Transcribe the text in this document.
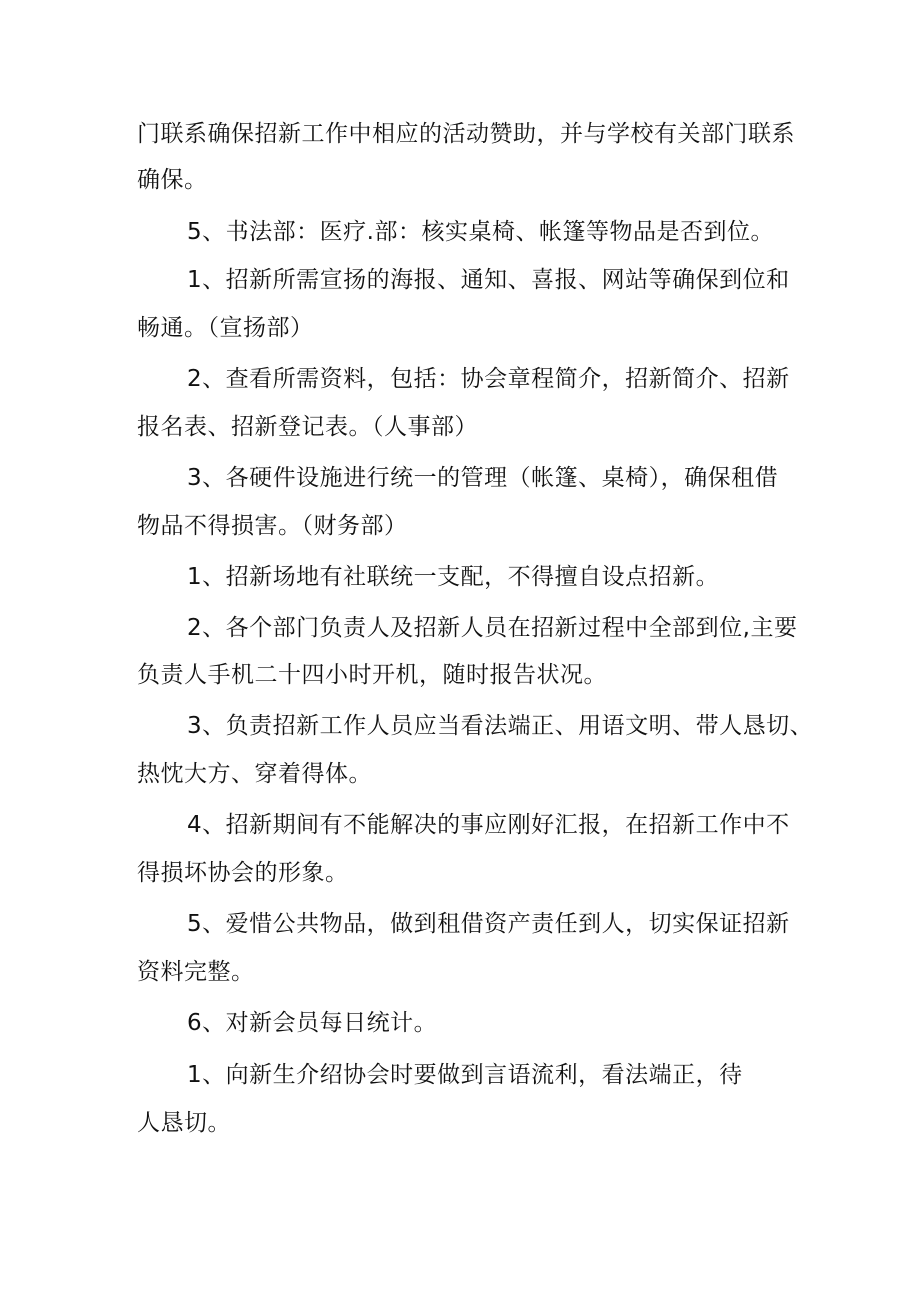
门联系确保招新工作中相应的活动赞助，并与学校有关部门联系
确保。
5、书法部：医疗.部：核实桌椅、帐篷等物品是否到位。
1、招新所需宣扬的海报、通知、喜报、网站等确保到位和
畅通。（宣扬部）
2、查看所需资料，包括：协会章程简介，招新简介、招新
报名表、招新登记表。（人事部）
3、各硬件设施进行统一的管理（帐篷、桌椅），确保租借
物品不得损害。（财务部）
1、招新场地有社联统一支配，不得擅自设点招新。
2、各个部门负责人及招新人员在招新过程中全部到位,主要
负责人手机二十四小时开机，随时报告状况。
3、负责招新工作人员应当看法端正、用语文明、带人恳切、
热忱大方、穿着得体。
4、招新期间有不能解决的事应刚好汇报，在招新工作中不
得损坏协会的形象。
5、爱惜公共物品，做到租借资产责任到人，切实保证招新
资料完整。
6、对新会员每日统计。
1、向新生介绍协会时要做到言语流利，看法端正，待
人恳切。
